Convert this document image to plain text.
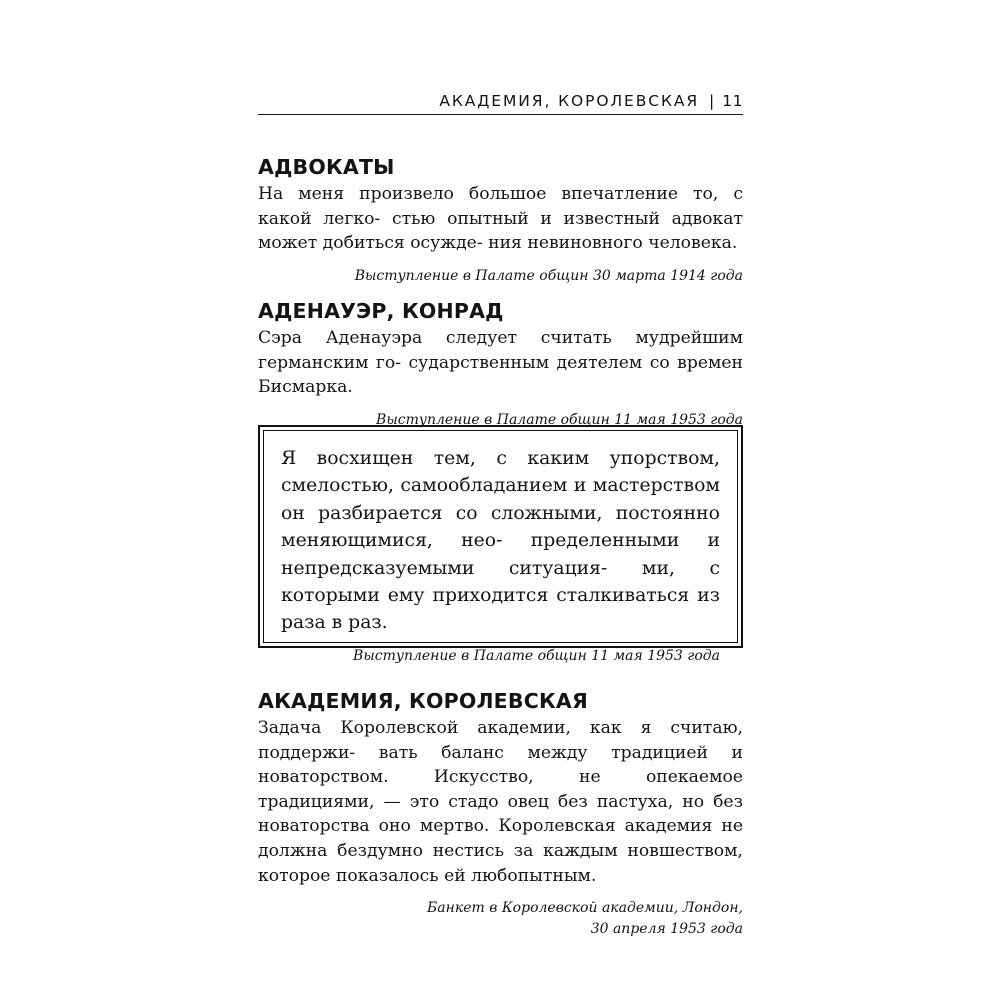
АКАДЕМИЯ, КОРОЛЕВСКАЯ | 11
АДВОКАТЫ

На меня произвело большое впечатление то, с какой легко- стью опытный и известный адвокат может добиться осужде- ния невиновного человека.

Выступление в Палате общин 30 марта 1914 года
АДЕНАУЭР, КОНРАД

Сэра Аденауэра следует считать мудрейшим германским го- сударственным деятелем со времен Бисмарка.

Выступление в Палате общин 11 мая 1953 года

Я восхищен тем, с каким упорством, смелостью, самообладанием и мастерством он разбирается со сложными, постоянно меняющимися, нео- пределенными и непредсказуемыми ситуация- ми, с которыми ему приходится сталкиваться из раза в раз.

Выступление в Палате общин 11 мая 1953 года
АКАДЕМИЯ, КОРОЛЕВСКАЯ

Задача Королевской академии, как я считаю, поддержи- вать баланс между традицией и новаторством. Искусство,	не опекаемое традициями, — это стадо овец без пастуха, но без новаторства оно мертво. Королевская академия не должна бездумно нестись за каждым новшеством, которое показалось ей любопытным.

Банкет в Королевской академии, Лондон,
30 апреля 1953 года
